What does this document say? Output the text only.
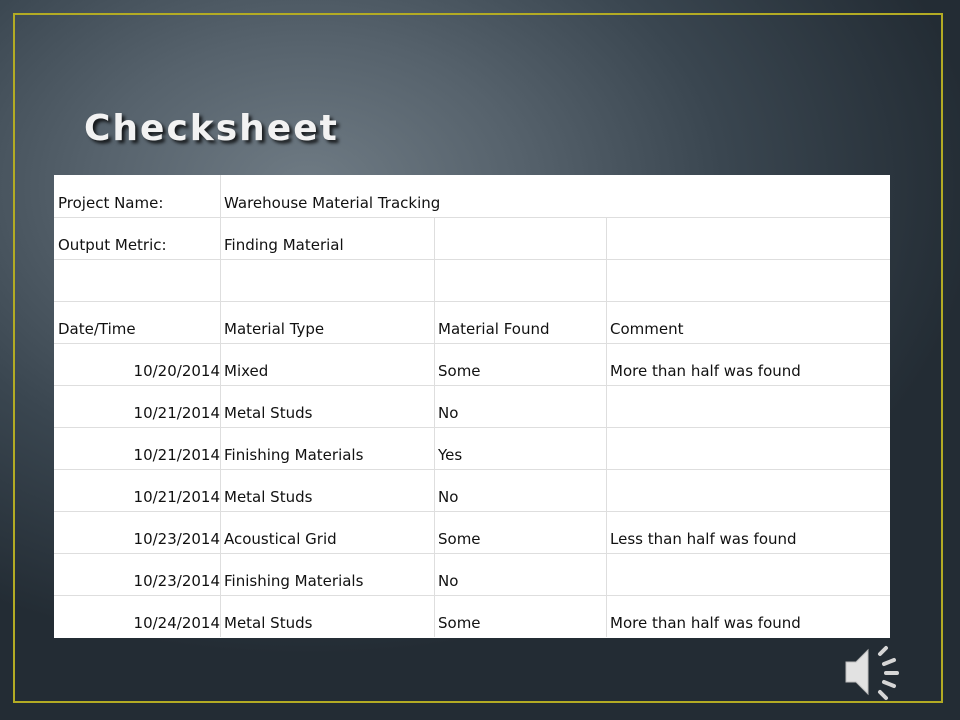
Checksheet
Project Name:	Warehouse Material Tracking		
Output Metric:	Finding Material		

Date/Time	Material Type	Material Found	Comment
10/20/2014	Mixed	Some	More than half was found
10/21/2014	Metal Studs	No	
10/21/2014	Finishing Materials	Yes	
10/21/2014	Metal Studs	No	
10/23/2014	Acoustical Grid	Some	Less than half was found
10/23/2014	Finishing Materials	No	
10/24/2014	Metal Studs	Some	More than half was found
